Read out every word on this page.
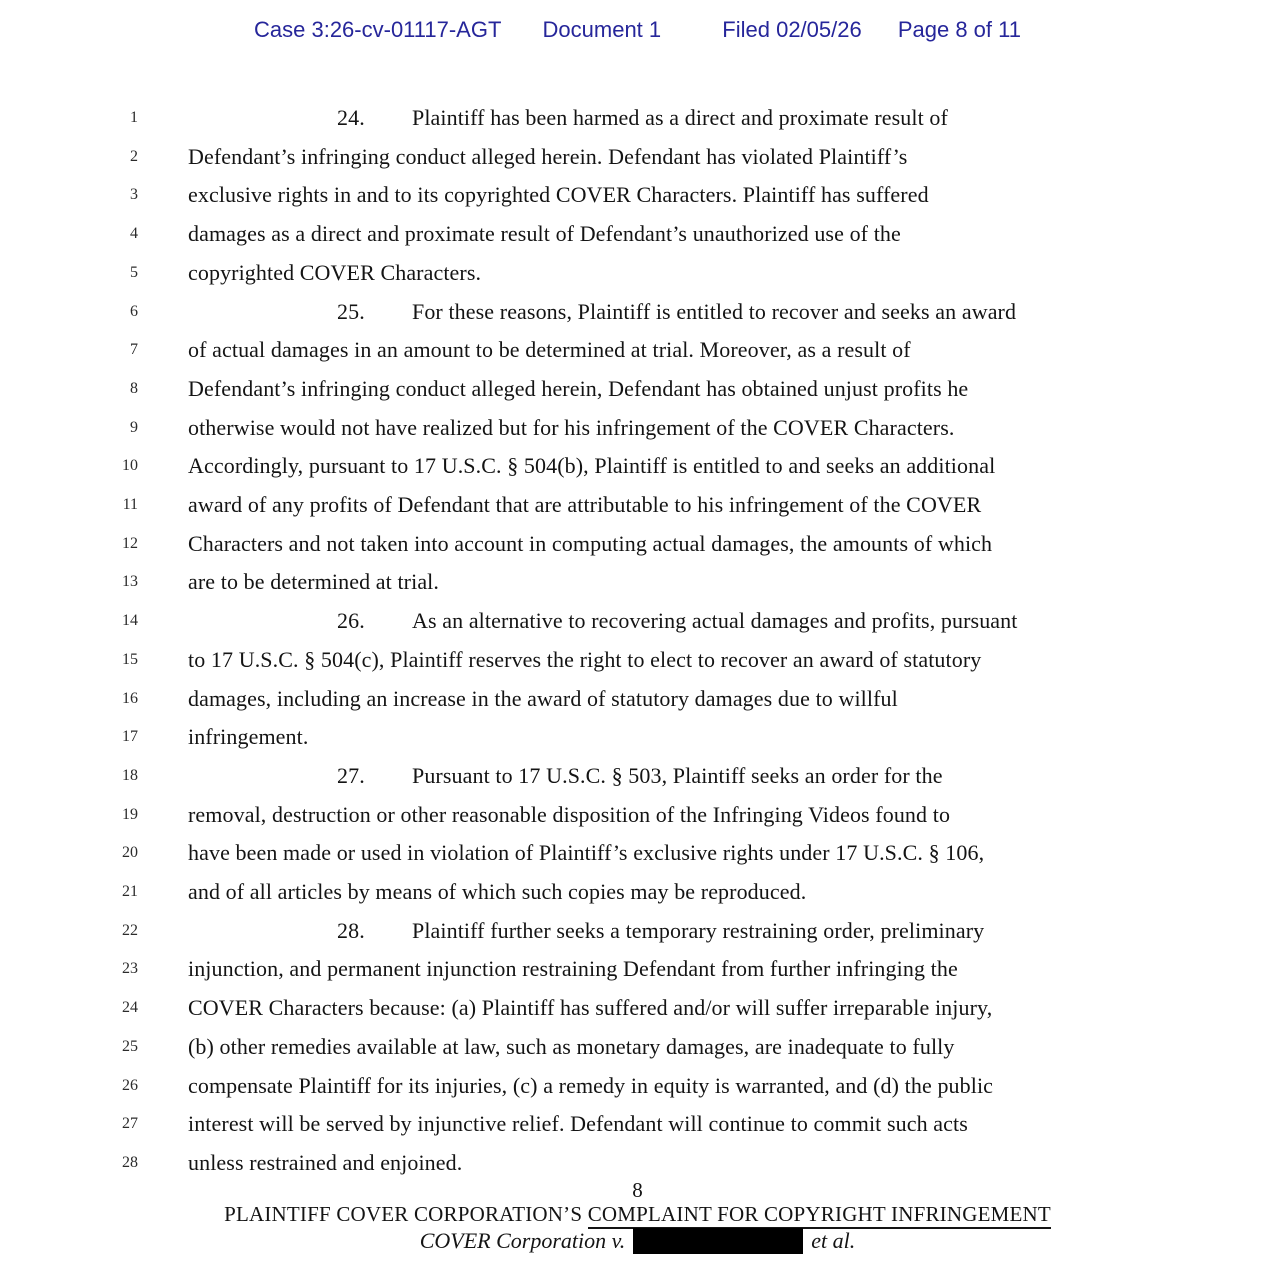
Case 3:26-cv-01117-AGT Document 1	Filed 02/05/26 Page 8 of 11
1	24. Plaintiff has been harmed as a direct and proximate result of
2 Defendant’s infringing conduct alleged herein. Defendant has violated Plaintiff’s
3 exclusive rights in and to its copyrighted COVER Characters. Plaintiff has suffered
4 damages as a direct and proximate result of Defendant’s unauthorized use of the
5 copyrighted COVER Characters.
6	25. For these reasons, Plaintiff is entitled to recover and seeks an award
7 of actual damages in an amount to be determined at trial. Moreover, as a result of
8 Defendant’s infringing conduct alleged herein, Defendant has obtained unjust profits he
9 otherwise would not have realized but for his infringement of the COVER Characters.
10 Accordingly, pursuant to 17 U.S.C. § 504(b), Plaintiff is entitled to and seeks an additional
11 award of any profits of Defendant that are attributable to his infringement of the COVER
12 Characters and not taken into account in computing actual damages, the amounts of which
13 are to be determined at trial.
14	26. As an alternative to recovering actual damages and profits, pursuant
15 to 17 U.S.C. § 504(c), Plaintiff reserves the right to elect to recover an award of statutory
16 damages, including an increase in the award of statutory damages due to willful
17 infringement.
18	27. Pursuant to 17 U.S.C. § 503, Plaintiff seeks an order for the
19 removal, destruction or other reasonable disposition of the Infringing Videos found to
20 have been made or used in violation of Plaintiff’s exclusive rights under 17 U.S.C. § 106,
21 and of all articles by means of which such copies may be reproduced.
22	28. Plaintiff further seeks a temporary restraining order, preliminary
23 injunction, and permanent injunction restraining Defendant from further infringing the
24 COVER Characters because: (a) Plaintiff has suffered and/or will suffer irreparable injury,
25 (b) other remedies available at law, such as monetary damages, are inadequate to fully
26 compensate Plaintiff for its injuries, (c) a remedy in equity is warranted, and (d) the public
27 interest will be served by injunctive relief. Defendant will continue to commit such acts
28 unless restrained and enjoined.
8
PLAINTIFF COVER CORPORATION’S COMPLAINT FOR COPYRIGHT INFRINGEMENT
COVER Corporation v.	et al.
